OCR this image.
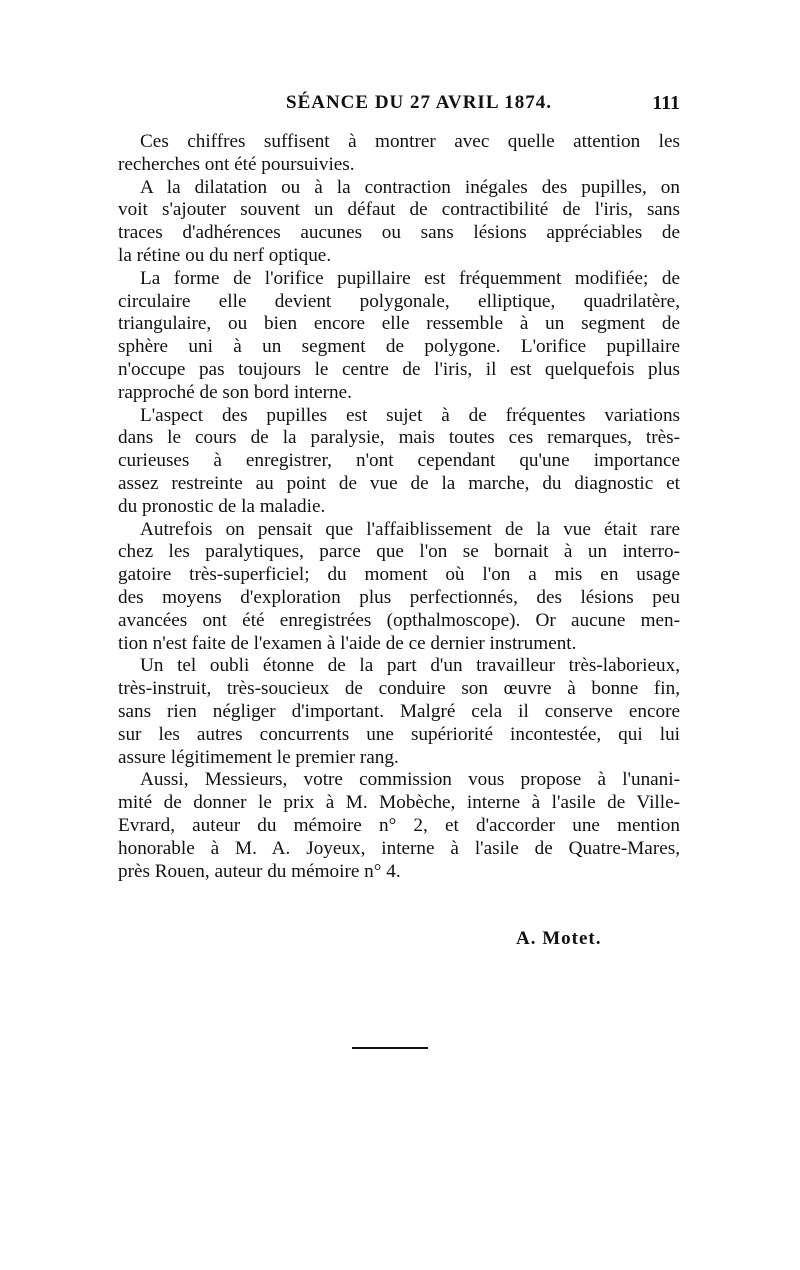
SÉANCE DU 27 AVRIL 1874.	111
Ces chiffres suffisent à montrer avec quelle attention les
recherches ont été poursuivies.
A la dilatation ou à la contraction inégales des pupilles, on
voit s'ajouter souvent un défaut de contractibilité de l'iris, sans
traces d'adhérences aucunes ou sans lésions appréciables de
la rétine ou du nerf optique.
La forme de l'orifice pupillaire est fréquemment modifiée; de
circulaire elle devient polygonale, elliptique, quadrilatère,
triangulaire, ou bien encore elle ressemble à un segment de
sphère uni à un segment de polygone. L'orifice pupillaire
n'occupe pas toujours le centre de l'iris, il est quelquefois plus
rapproché de son bord interne.
L'aspect des pupilles est sujet à de fréquentes variations
dans le cours de la paralysie, mais toutes ces remarques, très-
curieuses à enregistrer, n'ont cependant qu'une importance
assez restreinte au point de vue de la marche, du diagnostic et
du pronostic de la maladie.
Autrefois on pensait que l'affaiblissement de la vue était rare
chez les paralytiques, parce que l'on se bornait à un interro-
gatoire très-superficiel; du moment où l'on a mis en usage
des moyens d'exploration plus perfectionnés, des lésions peu
avancées ont été enregistrées (opthalmoscope). Or aucune men-
tion n'est faite de l'examen à l'aide de ce dernier instrument.
Un tel oubli étonne de la part d'un travailleur très-laborieux,
très-instruit, très-soucieux de conduire son œuvre à bonne fin,
sans rien négliger d'important. Malgré cela il conserve encore
sur les autres concurrents une supériorité incontestée, qui lui
assure légitimement le premier rang.
Aussi, Messieurs, votre commission vous propose à l'unani-
mité de donner le prix à M. Mobèche, interne à l'asile de Ville-
Evrard, auteur du mémoire n° 2, et d'accorder une mention
honorable à M. A. Joyeux, interne à l'asile de Quatre-Mares,
près Rouen, auteur du mémoire n° 4.
A. Motet.
